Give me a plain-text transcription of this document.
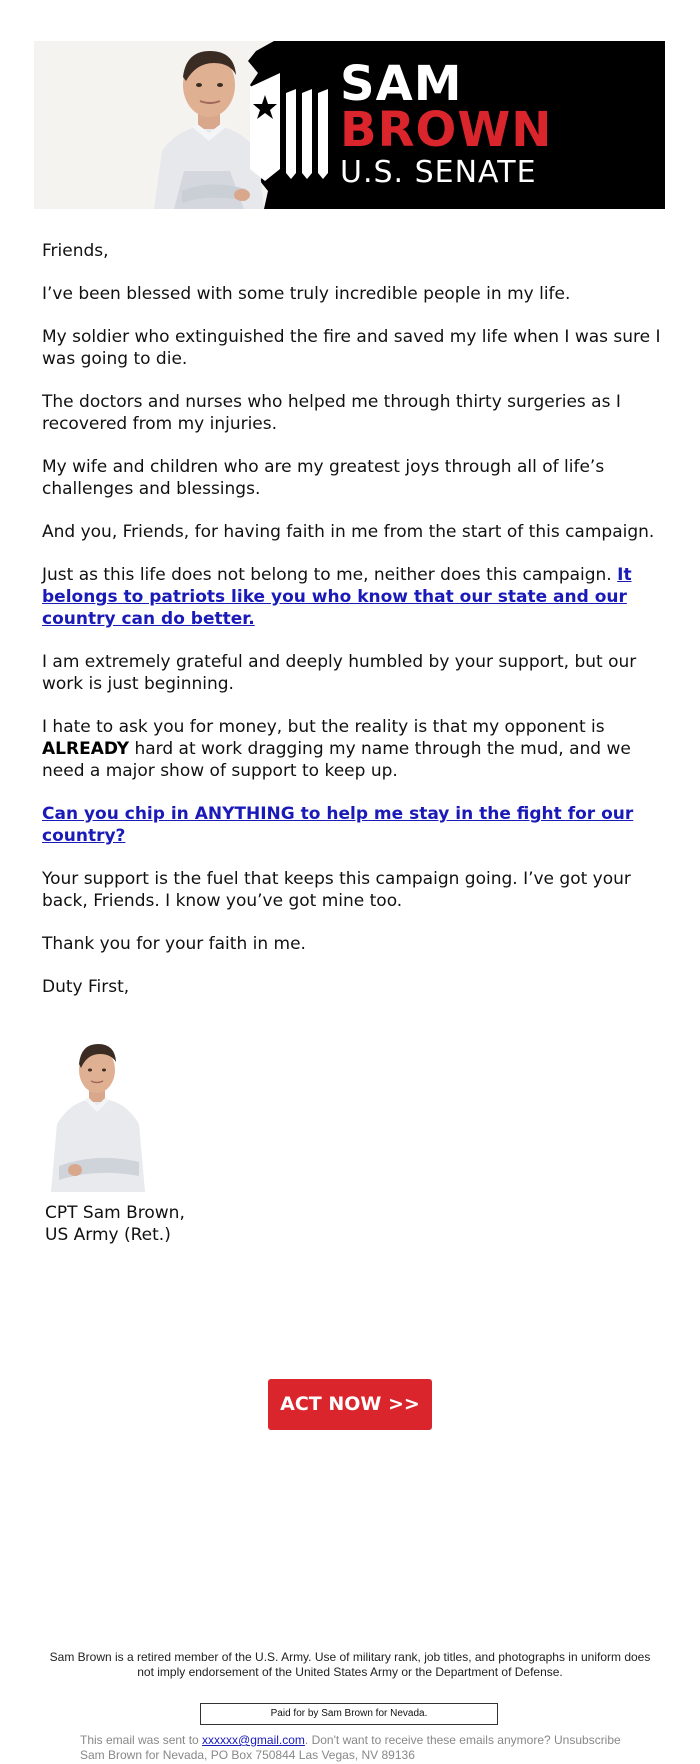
SAM
BROWN
U.S. SENATE

Friends,

I’ve been blessed with some truly incredible people in my life.

My soldier who extinguished the fire and saved my life when I was sure I was going to die.

The doctors and nurses who helped me through thirty surgeries as I recovered from my injuries.

My wife and children who are my greatest joys through all of life’s challenges and blessings.

And you, Friends, for having faith in me from the start of this campaign.

Just as this life does not belong to me, neither does this campaign. It belongs to patriots like you who know that our state and our country can do better.

I am extremely grateful and deeply humbled by your support, but our work is just beginning.

I hate to ask you for money, but the reality is that my opponent is ALREADY hard at work dragging my name through the mud, and we need a major show of support to keep up.

Can you chip in ANYTHING to help me stay in the fight for our country?

Your support is the fuel that keeps this campaign going. I’ve got your back, Friends. I know you’ve got mine too.

Thank you for your faith in me.

Duty First,

CPT Sam Brown,
US Army (Ret.)
ACT NOW >>
Sam Brown is a retired member of the U.S. Army. Use of military rank, job titles, and photographs in uniform does not imply endorsement of the United States Army or the Department of Defense.
Paid for by Sam Brown for Nevada.
This email was sent to xxxxxx@gmail.com. Don't want to receive these emails anymore? Unsubscribe
Sam Brown for Nevada, PO Box 750844 Las Vegas, NV 89136
